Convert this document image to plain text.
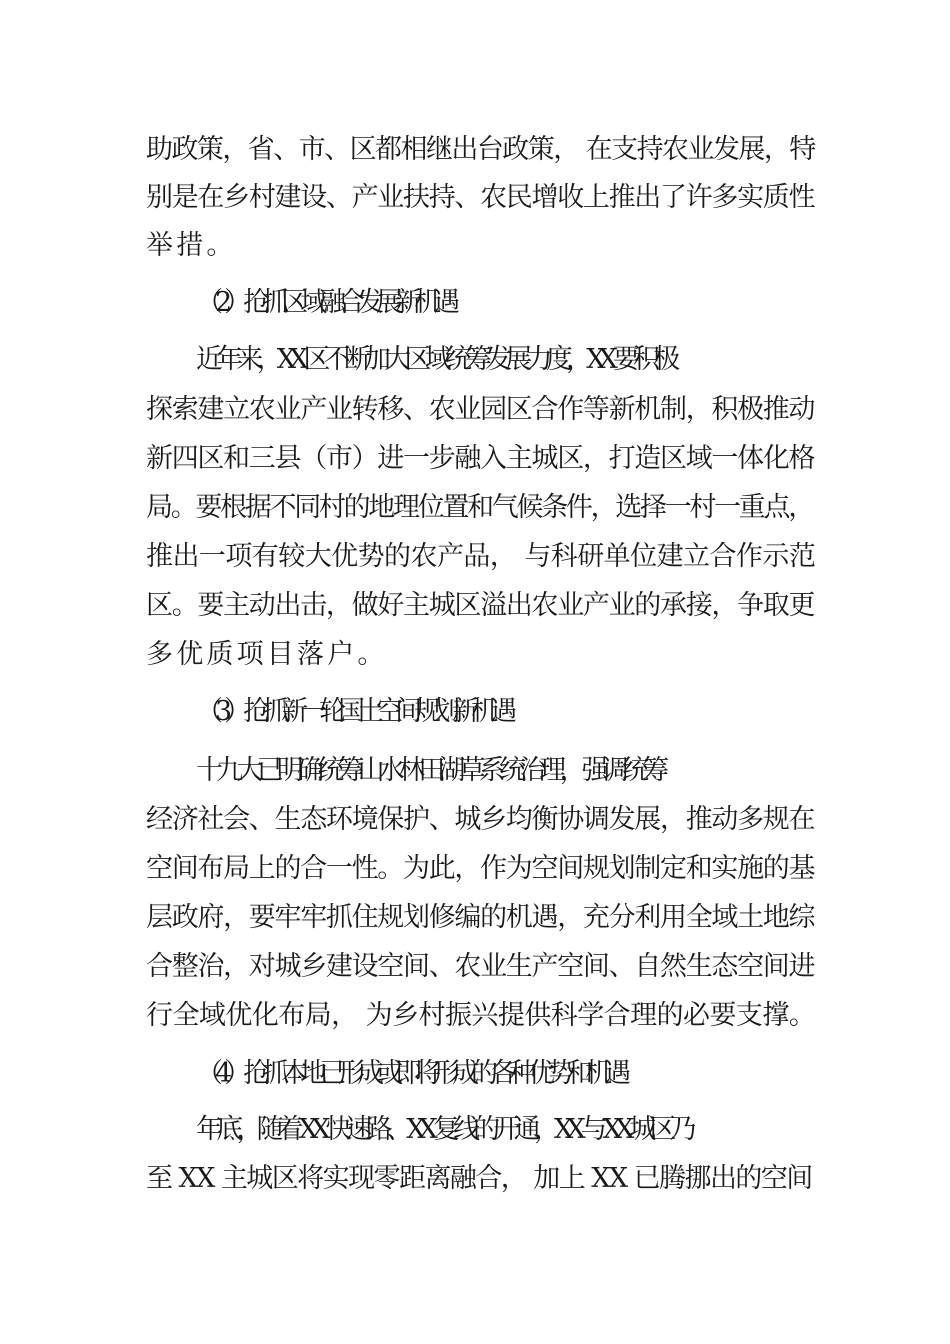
助政策，省、市、区都相继出台政策， 在支持农业发展，特
别是在乡村建设、产业扶持、农民增收上推出了许多实质性
举措。
（2）抢抓区域融合发展新机遇
近年来，XX 区不断加大区域统筹发展力度，XX 要积极
探索建立农业产业转移、农业园区合作等新机制，积极推动
新四区和三县（市）进一步融入主城区，打造区域一体化格
局。要根据不同村的地理位置和气候条件，选择一村一重点，
推出一项有较大优势的农产品， 与科研单位建立合作示范
区。要主动出击，做好主城区溢出农业产业的承接，争取更
多优质项目落户。
（3）抢抓新一轮国土空间规划新机遇
十九大已明确统筹山水林田湖草系统治理， 强调统筹
经济社会、生态环境保护、城乡均衡协调发展，推动多规在
空间布局上的合一性。为此，作为空间规划制定和实施的基
层政府，要牢牢抓住规划修编的机遇，充分利用全域土地综
合整治，对城乡建设空间、农业生产空间、自然生态空间进
行全域优化布局， 为乡村振兴提供科学合理的必要支撑。
（4）抢抓本地已形成或即将形成的各种优势和机遇
年底，随着 XX 快速路、XX 复线的开通，XX 与 XX 城区乃
至 XX 主城区将实现零距离融合， 加上 XX 已腾挪出的空间
